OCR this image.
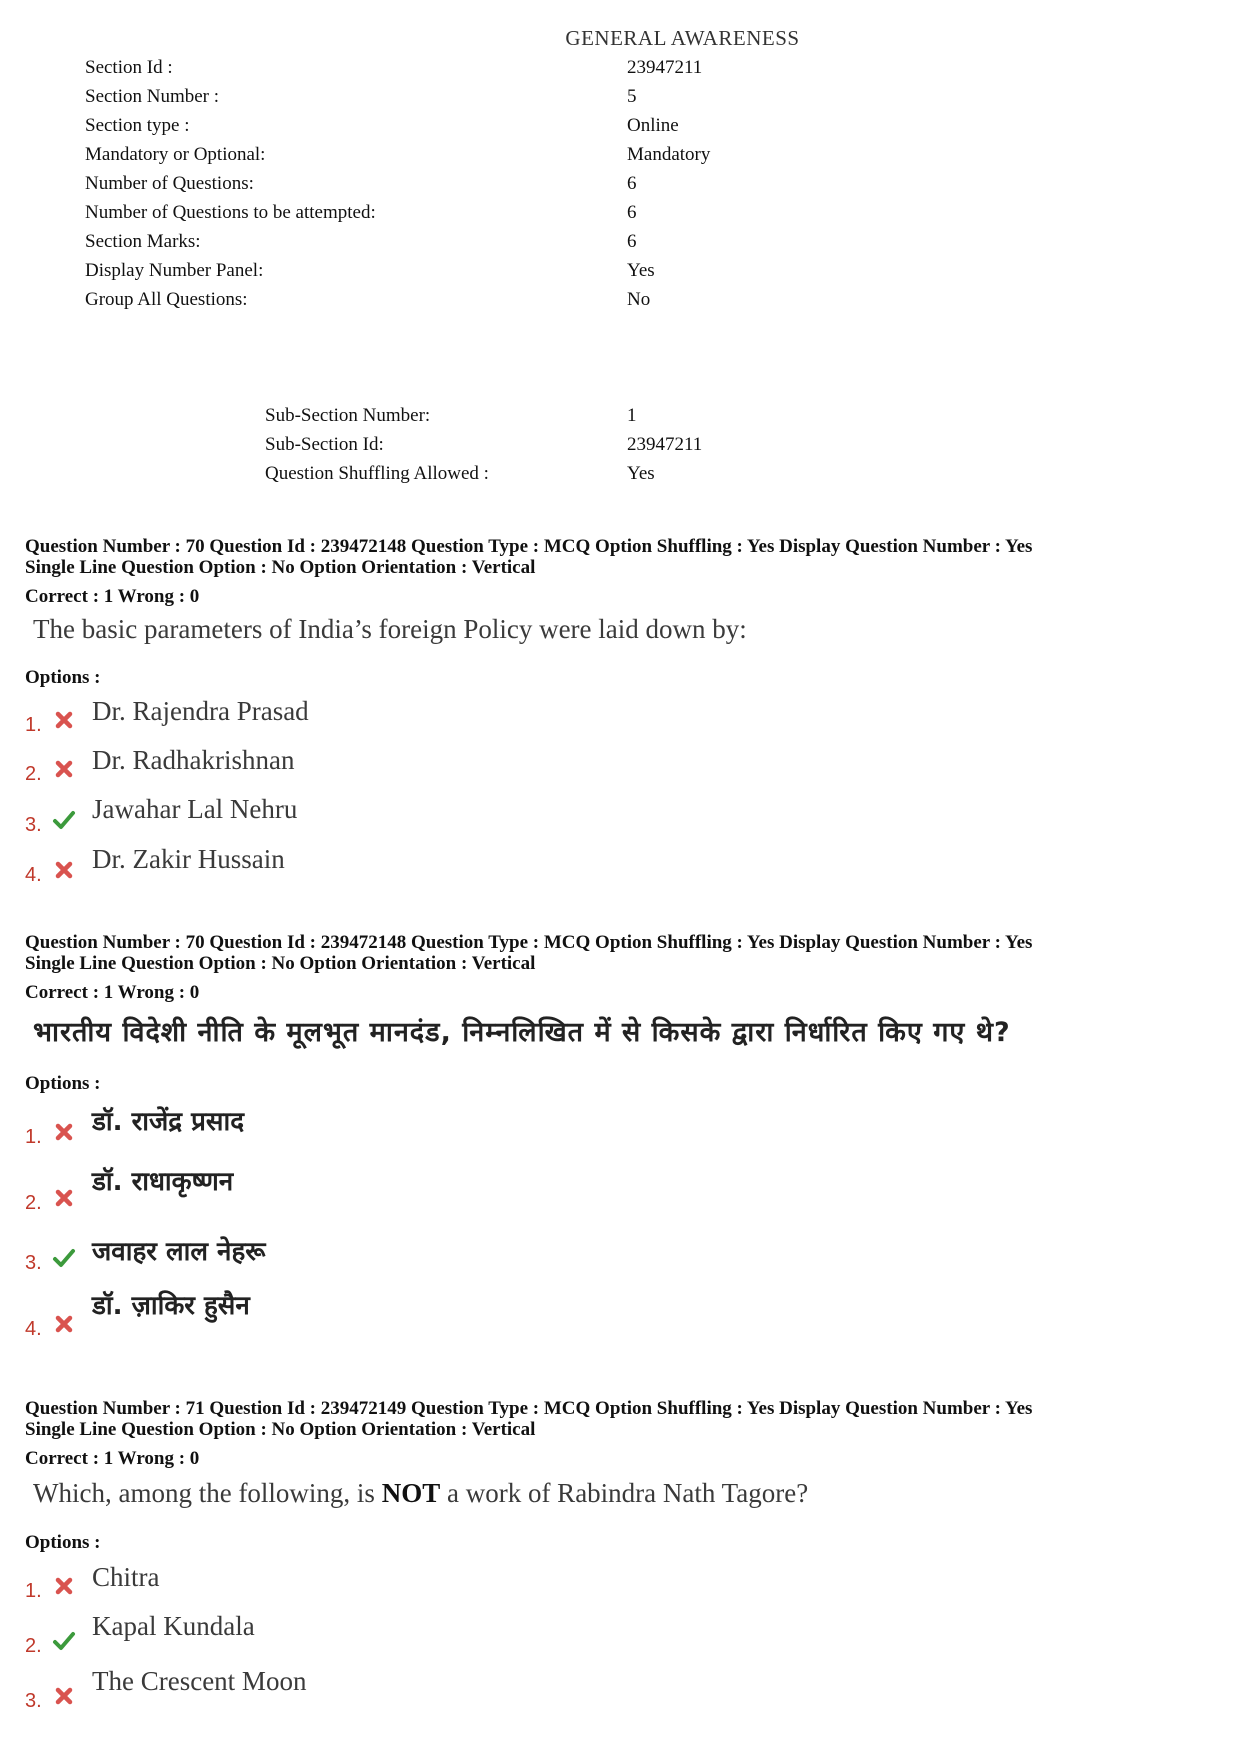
GENERAL AWARENESS
Section Id :	23947211
Section Number :	5
Section type :	Online
Mandatory or Optional:	Mandatory
Number of Questions:	6
Number of Questions to be attempted:	6
Section Marks:	6
Display Number Panel:	Yes
Group All Questions:	No
Sub-Section Number:	1
Sub-Section Id:	23947211
Question Shuffling Allowed :	Yes
Question Number : 70 Question Id : 239472148 Question Type : MCQ Option Shuffling : Yes Display Question Number : Yes
Single Line Question Option : No Option Orientation : Vertical
Correct : 1 Wrong : 0
The basic parameters of India’s foreign Policy were laid down by:
Options :
1. Dr. Rajendra Prasad
2. Dr. Radhakrishnan
3.
Jawahar Lal Nehru
4.
Dr. Zakir Hussain
Question Number : 70 Question Id : 239472148 Question Type : MCQ Option Shuffling : Yes Display Question Number : Yes
Single Line Question Option : No Option Orientation : Vertical
Correct : 1 Wrong : 0
भारतीय विदेशी नीति के मूलभूत मानदंड, निम्नलिखित में से किसके द्वारा निर्धारित किए गए थे?
Options :
1. डॉ. राजेंद्र प्रसाद
2.
डॉ. राधाकृष्णन
3. जवाहर लाल नेहरू
4.
डॉ. ज़ाकिर हुसैन
Question Number : 71 Question Id : 239472149 Question Type : MCQ Option Shuffling : Yes Display Question Number : Yes
Single Line Question Option : No Option Orientation : Vertical
Correct : 1 Wrong : 0
Which, among the following, is NOT a work of Rabindra Nath Tagore?
Options :
1. Chitra
2.
Kapal Kundala
3.
The Crescent Moon
